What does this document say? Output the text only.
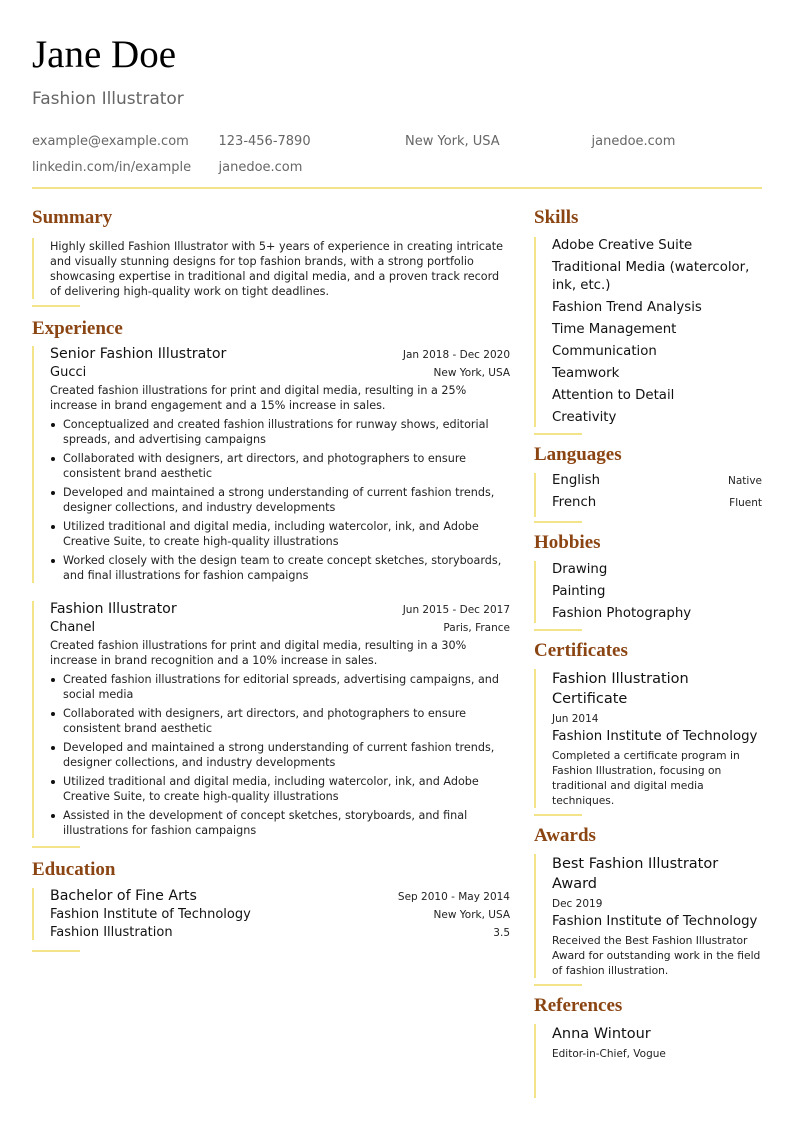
Jane Doe
Fashion Illustrator
example@example.com	123-456-7890	New York, USA	janedoe.com
linkedin.com/in/example	janedoe.com
Summary
Highly skilled Fashion Illustrator with 5+ years of experience in creating intricate and visually stunning designs for top fashion brands, with a strong portfolio showcasing expertise in traditional and digital media, and a proven track record of delivering high-quality work on tight deadlines.
Experience
Senior Fashion Illustrator	Jan 2018 - Dec 2020
Gucci	New York, USA
Created fashion illustrations for print and digital media, resulting in a 25% increase in brand engagement and a 15% increase in sales.
Conceptualized and created fashion illustrations for runway shows, editorial spreads, and advertising campaigns
Collaborated with designers, art directors, and photographers to ensure consistent brand aesthetic
Developed and maintained a strong understanding of current fashion trends, designer collections, and industry developments
Utilized traditional and digital media, including watercolor, ink, and Adobe Creative Suite, to create high-quality illustrations
Worked closely with the design team to create concept sketches, storyboards, and final illustrations for fashion campaigns
Fashion Illustrator	Jun 2015 - Dec 2017
Chanel	Paris, France
Created fashion illustrations for print and digital media, resulting in a 30% increase in brand recognition and a 10% increase in sales.
Created fashion illustrations for editorial spreads, advertising campaigns, and social media
Collaborated with designers, art directors, and photographers to ensure consistent brand aesthetic
Developed and maintained a strong understanding of current fashion trends, designer collections, and industry developments
Utilized traditional and digital media, including watercolor, ink, and Adobe Creative Suite, to create high-quality illustrations
Assisted in the development of concept sketches, storyboards, and final illustrations for fashion campaigns
Education
Bachelor of Fine Arts	Sep 2010 - May 2014
Fashion Institute of Technology	New York, USA
Fashion Illustration	3.5
Skills
Adobe Creative Suite
Traditional Media (watercolor, ink, etc.)
Fashion Trend Analysis
Time Management
Communication
Teamwork
Attention to Detail
Creativity
Languages
English	Native
French	Fluent
Hobbies
Drawing
Painting
Fashion Photography
Certificates
Fashion Illustration Certificate
Jun 2014
Fashion Institute of Technology
Completed a certificate program in Fashion Illustration, focusing on traditional and digital media techniques.
Awards
Best Fashion Illustrator Award
Dec 2019
Fashion Institute of Technology
Received the Best Fashion Illustrator Award for outstanding work in the field of fashion illustration.
References
Anna Wintour
Editor-in-Chief, Vogue
